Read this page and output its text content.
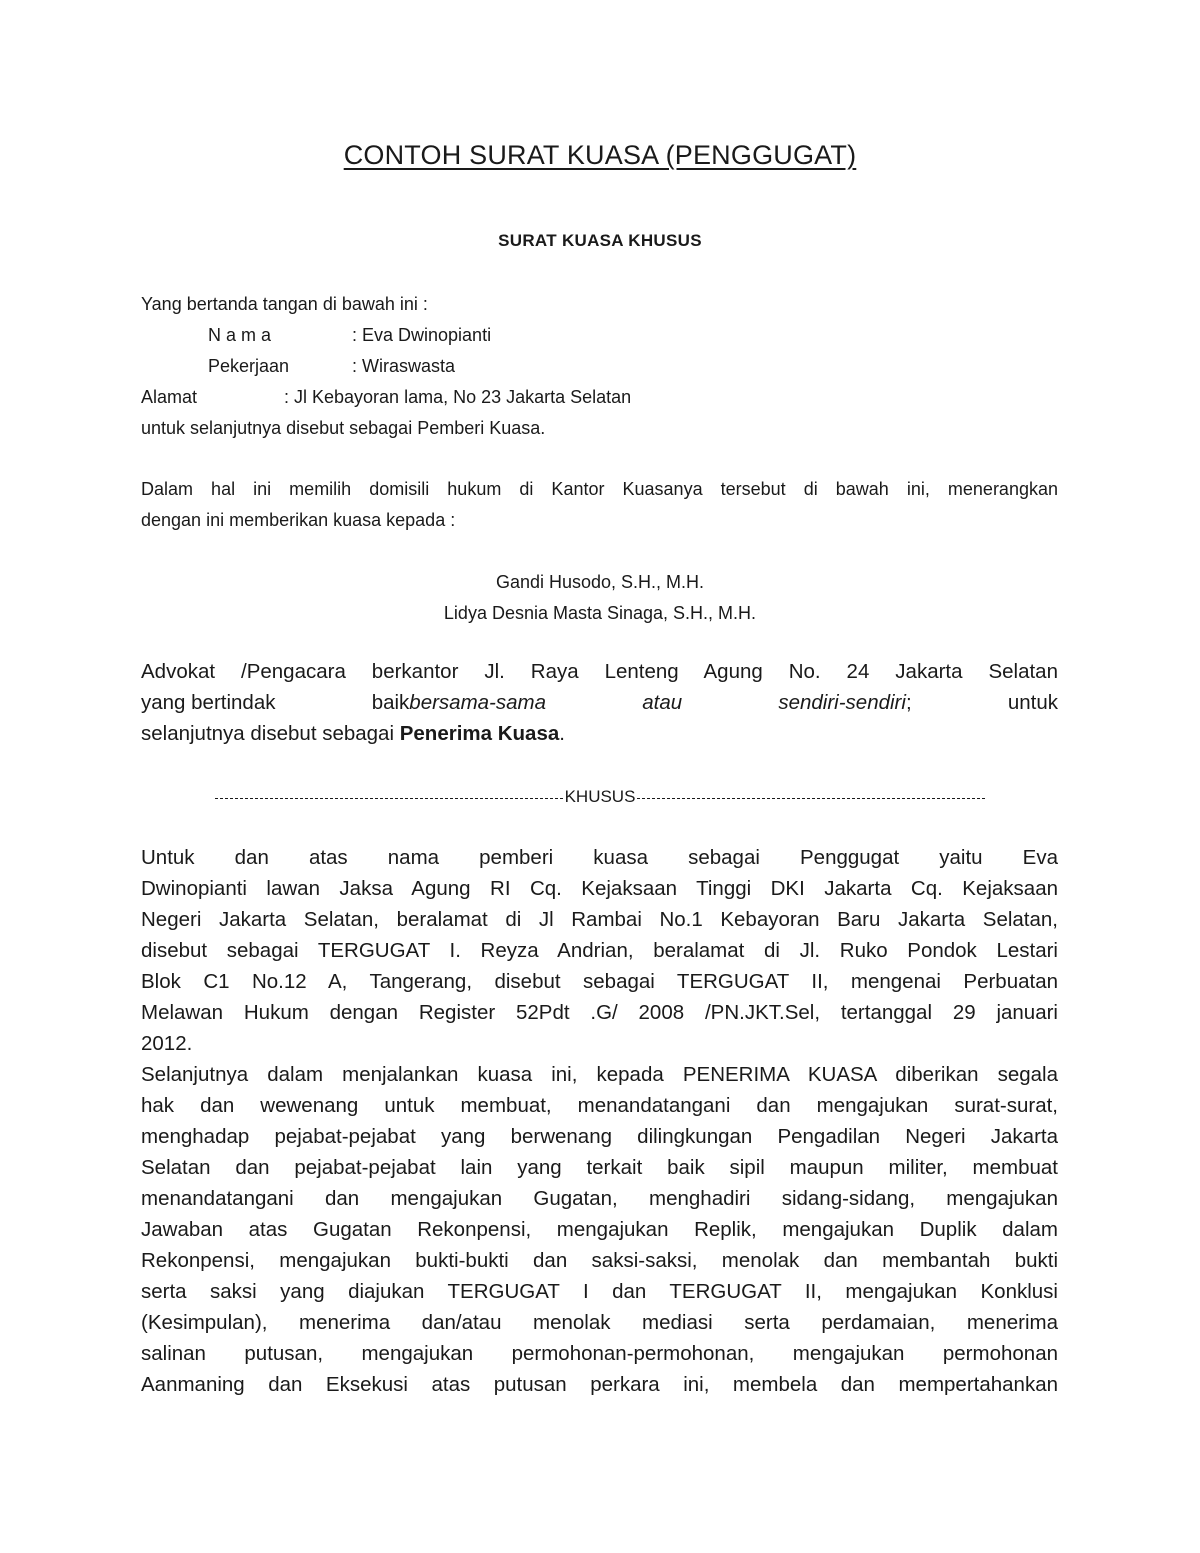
CONTOH SURAT KUASA (PENGGUGAT)
SURAT KUASA KHUSUS
Yang bertanda tangan di bawah ini :
N a m a	: Eva Dwinopianti
Pekerjaan	: Wiraswasta
Alamat	: Jl Kebayoran lama, No 23 Jakarta Selatan
untuk selanjutnya disebut sebagai Pemberi Kuasa.
Dalam hal ini memilih domisili hukum di Kantor Kuasanya tersebut di bawah ini, menerangkan
dengan ini memberikan kuasa kepada :
Gandi Husodo, S.H., M.H.
Lidya Desnia Masta Sinaga, S.H., M.H.
Advokat /Pengacara berkantor Jl. Raya Lenteng Agung No. 24 Jakarta Selatan
yang bertindak	baikbersama-sama	atau	sendiri-sendiri;	untuk
selanjutnya disebut sebagai Penerima Kuasa.
KHUSUS
Untuk dan atas nama pemberi kuasa sebagai Penggugat yaitu Eva
Dwinopianti lawan Jaksa Agung RI Cq. Kejaksaan Tinggi DKI Jakarta Cq. Kejaksaan
Negeri Jakarta Selatan, beralamat di Jl Rambai No.1 Kebayoran Baru Jakarta Selatan,
disebut sebagai TERGUGAT I. Reyza Andrian, beralamat di Jl. Ruko Pondok Lestari
Blok C1 No.12 A, Tangerang, disebut sebagai TERGUGAT II, mengenai Perbuatan
Melawan Hukum dengan Register 52Pdt .G/ 2008 /PN.JKT.Sel, tertanggal 29 januari
2012.
Selanjutnya dalam menjalankan kuasa ini, kepada PENERIMA KUASA diberikan segala
hak dan wewenang untuk membuat, menandatangani dan mengajukan surat-surat,
menghadap pejabat-pejabat yang berwenang dilingkungan Pengadilan Negeri Jakarta
Selatan dan pejabat-pejabat lain yang terkait baik sipil maupun militer, membuat
menandatangani dan mengajukan Gugatan, menghadiri sidang-sidang, mengajukan
Jawaban atas Gugatan Rekonpensi, mengajukan Replik, mengajukan Duplik dalam
Rekonpensi, mengajukan bukti-bukti dan saksi-saksi, menolak dan membantah bukti
serta saksi yang diajukan TERGUGAT I dan TERGUGAT II, mengajukan Konklusi
(Kesimpulan), menerima dan/atau menolak mediasi serta perdamaian, menerima
salinan putusan, mengajukan permohonan-permohonan, mengajukan permohonan
Aanmaning dan Eksekusi atas putusan perkara ini, membela dan mempertahankan
